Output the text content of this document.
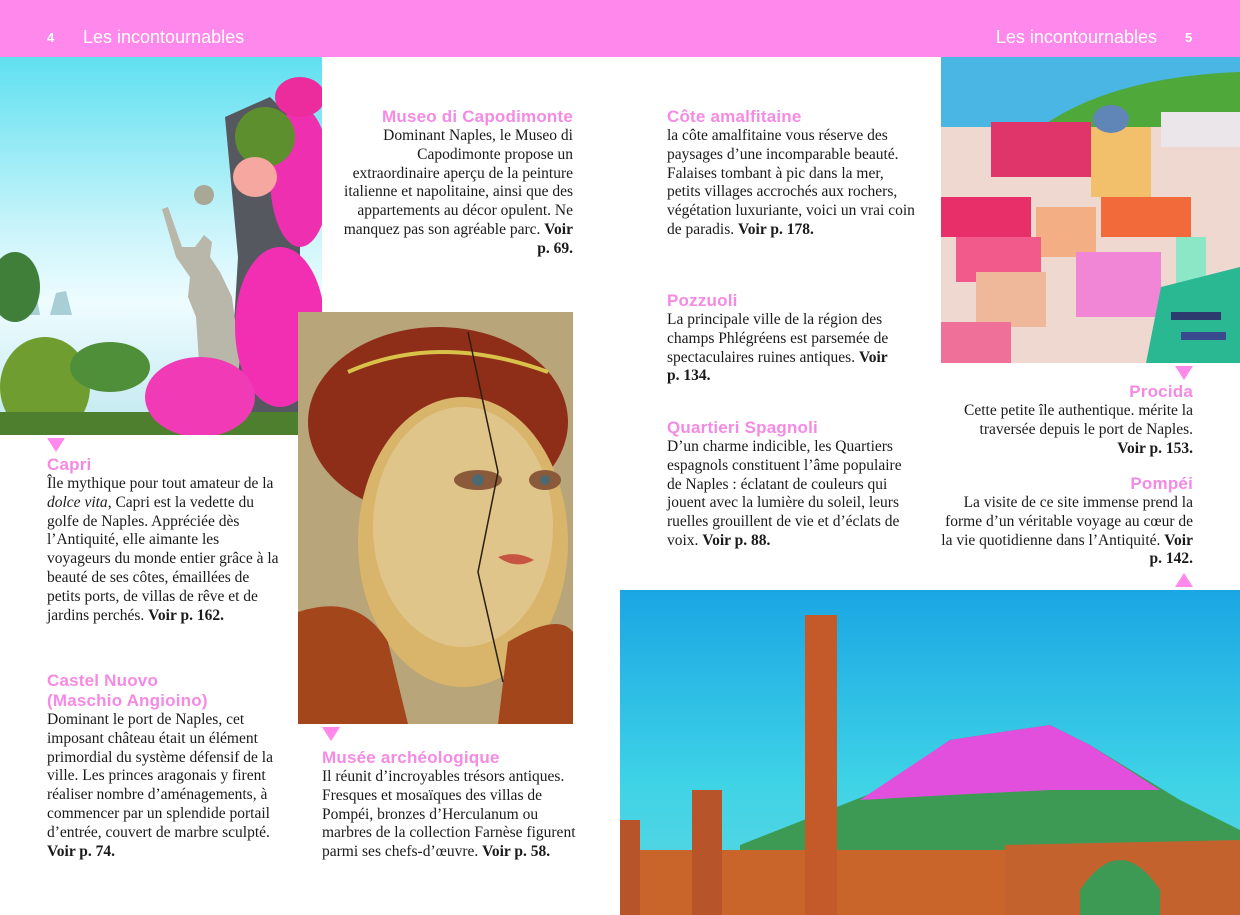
4 Les incontournables	Les incontournables 5
Museo di Capodimonte
Dominant Naples, le Museo di Capodimonte propose un extraordinaire aperçu de la peinture italienne et napolitaine, ainsi que des appartements au décor opulent. Ne manquez pas son agréable parc. Voir p. 69.
Capri
Île mythique pour tout amateur de la dolce vita, Capri est la vedette du golfe de Naples. Appréciée dès l’Antiquité, elle aimante les voyageurs du monde entier grâce à la beauté de ses côtes, émaillées de petits ports, de villas de rêve et de jardins perchés. Voir p. 162.
Castel Nuovo
(Maschio Angioino)
Dominant le port de Naples, cet imposant château était un élément primordial du système défensif de la ville. Les princes aragonais y firent réaliser nombre d’aménagements, à commencer par un splendide portail d’entrée, couvert de marbre sculpté. Voir p. 74.
Musée archéologique
Il réunit d’incroyables trésors antiques. Fresques et mosaïques des villas de Pompéi, bronzes d’Herculanum ou marbres de la collection Farnèse figurent parmi ses chefs-d’œuvre. Voir p. 58.
Côte amalfitaine
la côte amalfitaine vous réserve des paysages d’une incomparable beauté. Falaises tombant à pic dans la mer, petits villages accrochés aux rochers, végétation luxuriante, voici un vrai coin de paradis. Voir p. 178.
Pozzuoli
La principale ville de la région des champs Phlégréens est parsemée de spectaculaires ruines antiques. Voir p. 134.
Quartieri Spagnoli
D’un charme indicible, les Quartiers espagnols constituent l’âme populaire de Naples : éclatant de couleurs qui jouent avec la lumière du soleil, leurs ruelles grouillent de vie et d’éclats de voix. Voir p. 88.
Procida
Cette petite île authentique. mérite la traversée depuis le port de Naples. Voir p. 153.
Pompéi
La visite de ce site immense prend la forme d’un véritable voyage au cœur de la vie quotidienne dans l’Antiquité. Voir p. 142.
